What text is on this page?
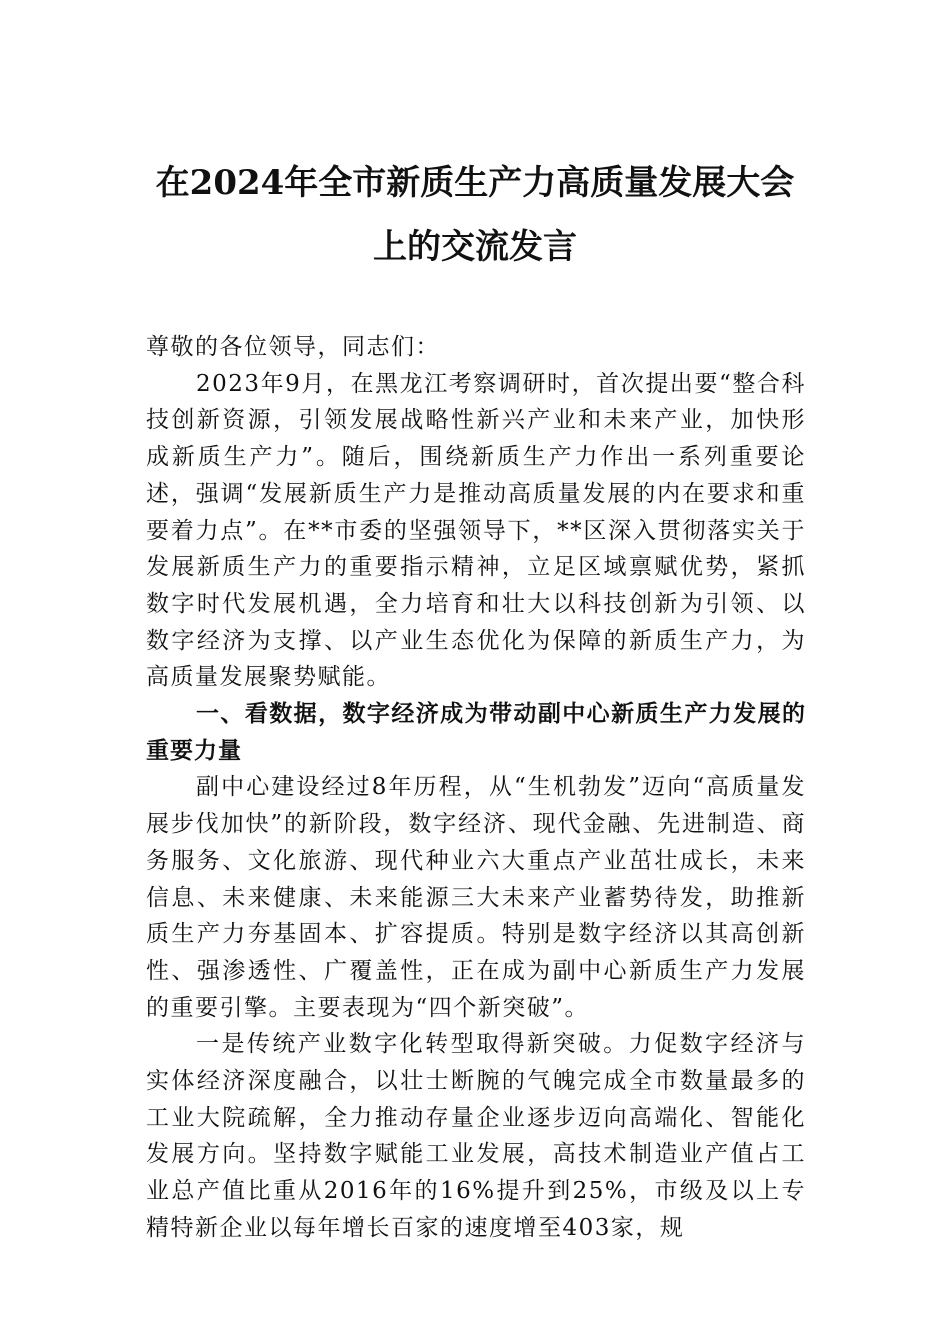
在2024年全市新质生产力高质量发展大会
上的交流发言

尊敬的各位领导，同志们：

2023年9月，在黑龙江考察调研时，首次提出要“整合科技创新资源，引领发展战略性新兴产业和未来产业，加快形成新质生产力”。随后，围绕新质生产力作出一系列重要论述，强调“发展新质生产力是推动高质量发展的内在要求和重要着力点”。在**市委的坚强领导下，**区深入贯彻落实关于发展新质生产力的重要指示精神，立足区域禀赋优势，紧抓数字时代发展机遇，全力培育和壮大以科技创新为引领、以数字经济为支撑、以产业生态优化为保障的新质生产力，为高质量发展聚势赋能。

一、看数据，数字经济成为带动副中心新质生产力发展的重要力量

副中心建设经过8年历程，从“生机勃发”迈向“高质量发展步伐加快”的新阶段，数字经济、现代金融、先进制造、商务服务、文化旅游、现代种业六大重点产业茁壮成长，未来信息、未来健康、未来能源三大未来产业蓄势待发，助推新质生产力夯基固本、扩容提质。特别是数字经济以其高创新性、强渗透性、广覆盖性，正在成为副中心新质生产力发展的重要引擎。主要表现为“四个新突破”。

一是传统产业数字化转型取得新突破。力促数字经济与实体经济深度融合，以壮士断腕的气魄完成全市数量最多的工业大院疏解，全力推动存量企业逐步迈向高端化、智能化发展方向。坚持数字赋能工业发展，高技术制造业产值占工业总产值比重从2016年的16%提升到25%，市级及以上专精特新企业以每年增长百家的速度增至403家，规
